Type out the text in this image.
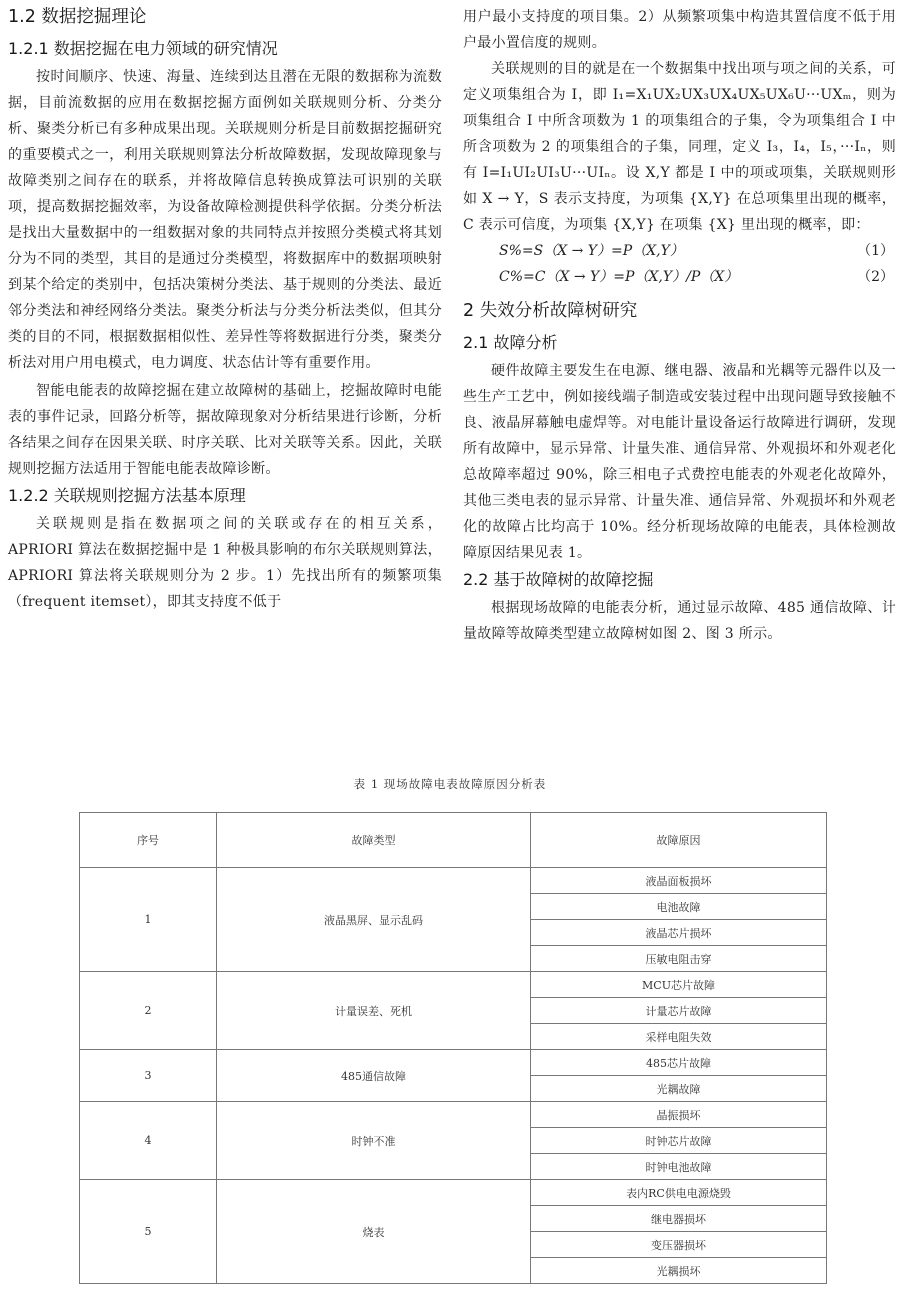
1.2 数据挖掘理论
1.2.1 数据挖掘在电力领域的研究情况

按时间顺序、快速、海量、连续到达且潜在无限的数据称为流数据，目前流数据的应用在数据挖掘方面例如关联规则分析、分类分析、聚类分析已有多种成果出现。关联规则分析是目前数据挖掘研究的重要模式之一，利用关联规则算法分析故障数据，发现故障现象与故障类别之间存在的联系，并将故障信息转换成算法可识别的关联项，提高数据挖掘效率，为设备故障检测提供科学依据。分类分析法是找出大量数据中的一组数据对象的共同特点并按照分类模式将其划分为不同的类型，其目的是通过分类模型，将数据库中的数据项映射到某个给定的类别中，包括决策树分类法、基于规则的分类法、最近邻分类法和神经网络分类法。聚类分析法与分类分析法类似，但其分类的目的不同，根据数据相似性、差异性等将数据进行分类，聚类分析法对用户用电模式，电力调度、状态估计等有重要作用。

智能电能表的故障挖掘在建立故障树的基础上，挖掘故障时电能表的事件记录，回路分析等，据故障现象对分析结果进行诊断，分析各结果之间存在因果关联、时序关联、比对关联等关系。因此，关联规则挖掘方法适用于智能电能表故障诊断。

1.2.2 关联规则挖掘方法基本原理

关联规则是指在数据项之间的关联或存在的相互关系，APRIORI 算法在数据挖掘中是 1 种极具影响的布尔关联规则算法，APRIORI 算法将关联规则分为 2 步。1）先找出所有的频繁项集（frequent itemset），即其支持度不低于

用户最小支持度的项目集。2）从频繁项集中构造其置信度不低于用户最小置信度的规则。

关联规则的目的就是在一个数据集中找出项与项之间的关系，可定义项集组合为 I，即 I₁=X₁UX₂UX₃UX₄UX₅UX₆U···UXₘ，则为项集组合 I 中所含项数为 1 的项集组合的子集，令为项集组合 I 中所含项数为 2 的项集组合的子集，同理，定义 I₃，I₄，I₅，···Iₙ，则有 I=I₁UI₂UI₃U···UIₙ。设 X,Y 都是 I 中的项或项集，关联规则形如 X → Y，S 表示支持度，为项集 {X,Y} 在总项集里出现的概率，C 表示可信度，为项集 {X,Y} 在项集 {X} 里出现的概率，即：

S%=S（X → Y）=P（X,Y）	（1）
C%=C（X → Y）=P（X,Y）/P（X）	（2）
2 失效分析故障树研究
2.1 故障分析

硬件故障主要发生在电源、继电器、液晶和光耦等元器件以及一些生产工艺中，例如接线端子制造或安装过程中出现问题导致接触不良、液晶屏幕触电虚焊等。对电能计量设备运行故障进行调研，发现所有故障中，显示异常、计量失准、通信异常、外观损坏和外观老化总故障率超过 90%，除三相电子式费控电能表的外观老化故障外，其他三类电表的显示异常、计量失准、通信异常、外观损坏和外观老化的故障占比均高于 10%。经分析现场故障的电能表，具体检测故障原因结果见表 1。

2.2 基于故障树的故障挖掘

根据现场故障的电能表分析，通过显示故障、485 通信故障、计量故障等故障类型建立故障树如图 2、图 3 所示。

表 1 现场故障电表故障原因分析表
序号	故障类型	故障原因
1	液晶黑屏、显示乱码	液晶面板损坏
		电池故障
		液晶芯片损坏
		压敏电阻击穿
2	计量误差、死机	MCU芯片故障
		计量芯片故障
		采样电阻失效
3	485通信故障	485芯片故障
		光耦故障
4	时钟不准	晶振损坏
		时钟芯片故障
		时钟电池故障
5	烧表	表内RC供电电源烧毁
		继电器损坏
		变压器损坏
		光耦损坏
